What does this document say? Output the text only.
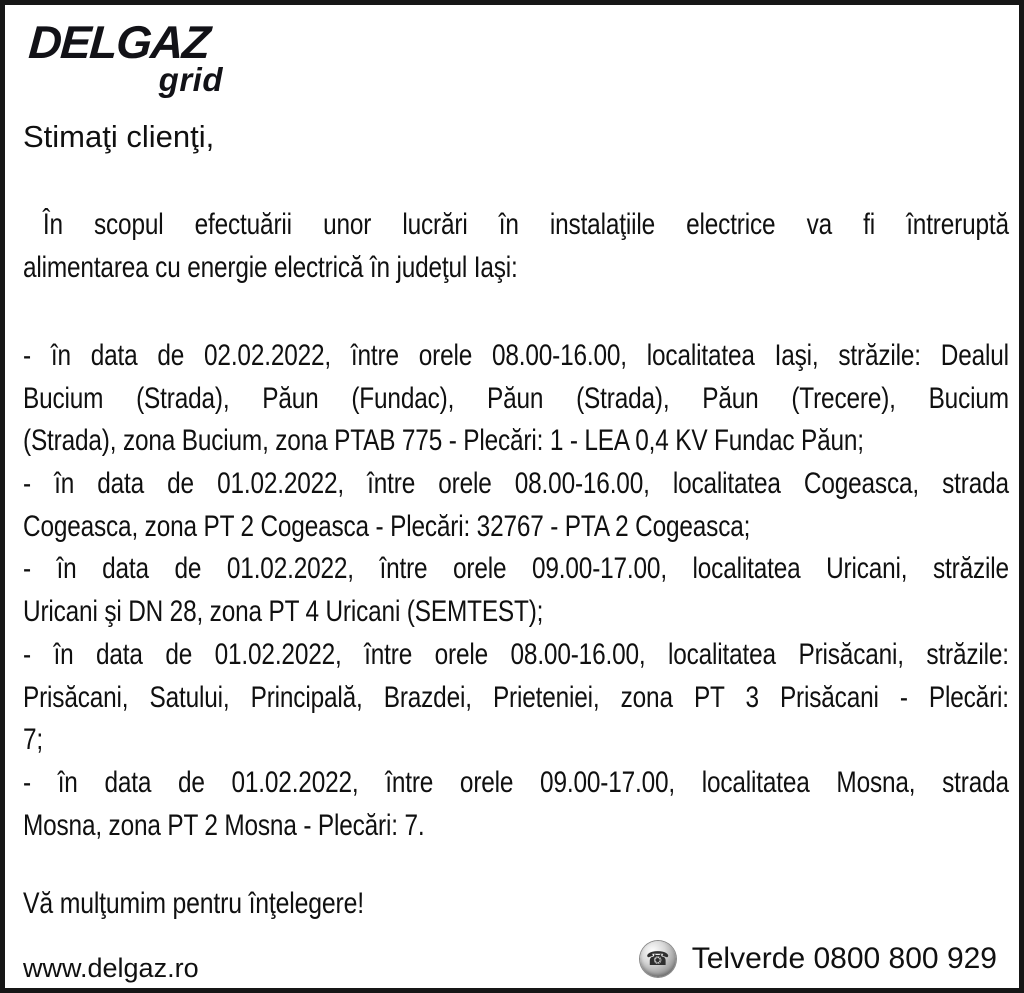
DELGAZ
grid
Stimaţi clienţi,
În scopul efectuării unor lucrări în instalaţiile electrice va fi întreruptă
alimentarea cu energie electrică în judeţul Iaşi:
- în data de 02.02.2022, între orele 08.00-16.00, localitatea Iaşi, străzile: Dealul
Bucium (Strada), Păun (Fundac), Păun (Strada), Păun (Trecere), Bucium
(Strada), zona Bucium, zona PTAB 775 - Plecări: 1 - LEA 0,4 KV Fundac Păun;
- în data de 01.02.2022, între orele 08.00-16.00, localitatea Cogeasca, strada
Cogeasca, zona PT 2 Cogeasca - Plecări: 32767 - PTA 2 Cogeasca;
- în data de 01.02.2022, între orele 09.00-17.00, localitatea Uricani, străzile
Uricani şi DN 28, zona PT 4 Uricani (SEMTEST);
- în data de 01.02.2022, între orele 08.00-16.00, localitatea Prisăcani, străzile:
Prisăcani, Satului, Principală, Brazdei, Prieteniei, zona PT 3 Prisăcani - Plecări:
7;
- în data de 01.02.2022, între orele 09.00-17.00, localitatea Mosna, strada
Mosna, zona PT 2 Mosna - Plecări: 7.
Vă mulţumim pentru înţelegere!
www.delgaz.ro ☎	Telverde 0800 800 929
